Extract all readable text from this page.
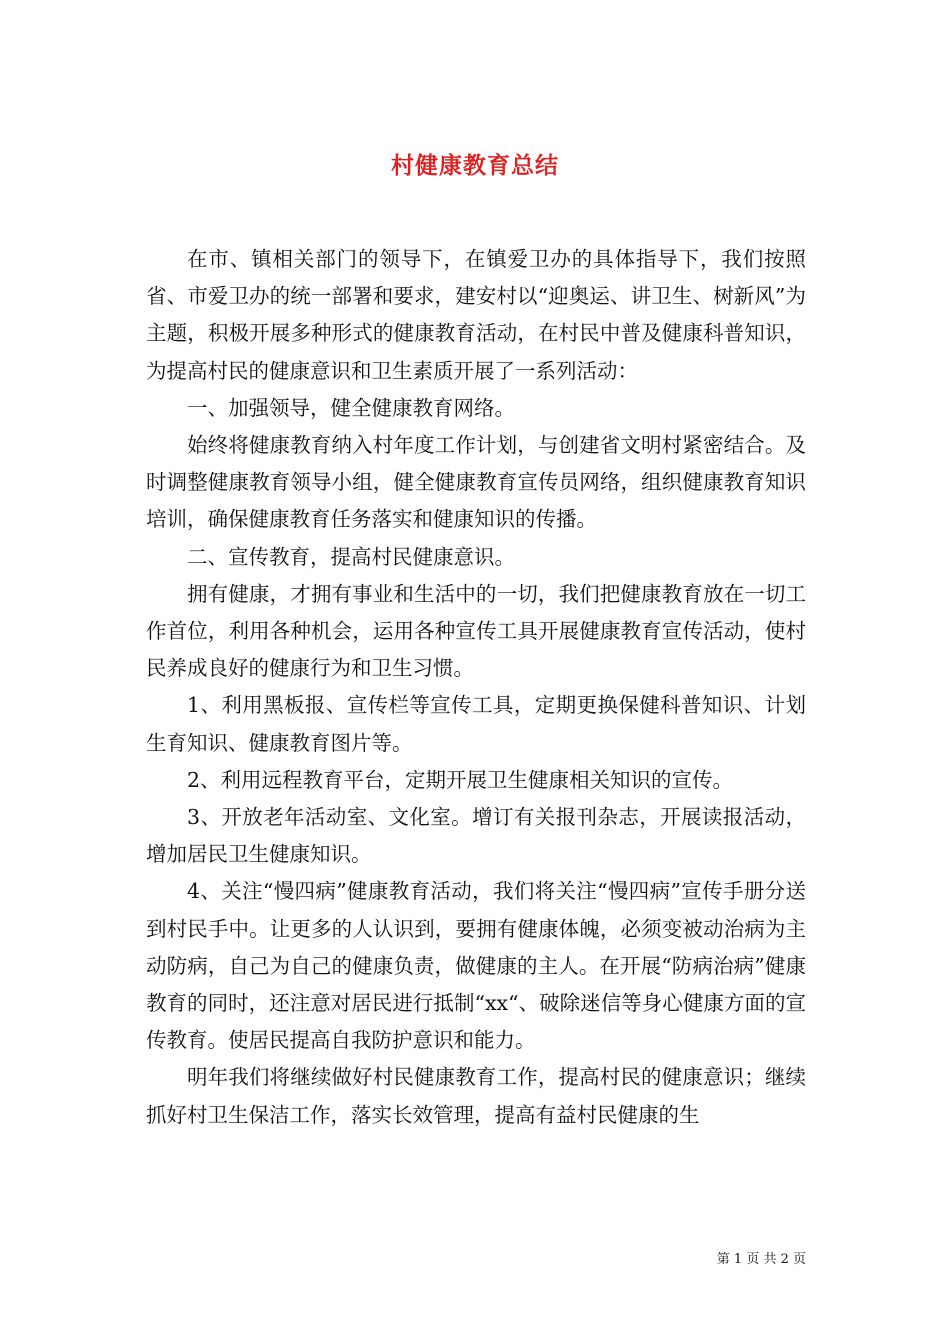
村健康教育总结

在市、镇相关部门的领导下，在镇爱卫办的具体指导下，我们按照省、市爱卫办的统一部署和要求，建安村以“迎奥运、讲卫生、树新风”为主题，积极开展多种形式的健康教育活动，在村民中普及健康科普知识，为提高村民的健康意识和卫生素质开展了一系列活动：

一、加强领导，健全健康教育网络。

始终将健康教育纳入村年度工作计划，与创建省文明村紧密结合。及时调整健康教育领导小组，健全健康教育宣传员网络，组织健康教育知识培训，确保健康教育任务落实和健康知识的传播。

二、宣传教育，提高村民健康意识。

拥有健康，才拥有事业和生活中的一切，我们把健康教育放在一切工作首位，利用各种机会，运用各种宣传工具开展健康教育宣传活动，使村民养成良好的健康行为和卫生习惯。

1、利用黑板报、宣传栏等宣传工具，定期更换保健科普知识、计划生育知识、健康教育图片等。

2、利用远程教育平台，定期开展卫生健康相关知识的宣传。

3、开放老年活动室、文化室。增订有关报刊杂志，开展读报活动，增加居民卫生健康知识。

4、关注“慢四病”健康教育活动，我们将关注“慢四病”宣传手册分送到村民手中。让更多的人认识到，要拥有健康体魄，必须变被动治病为主动防病，自己为自己的健康负责，做健康的主人。在开展“防病治病”健康教育的同时，还注意对居民进行抵制“xx“、破除迷信等身心健康方面的宣传教育。使居民提高自我防护意识和能力。

明年我们将继续做好村民健康教育工作，提高村民的健康意识；继续抓好村卫生保洁工作，落实长效管理，提高有益村民健康的生

第 1 页 共 2 页
